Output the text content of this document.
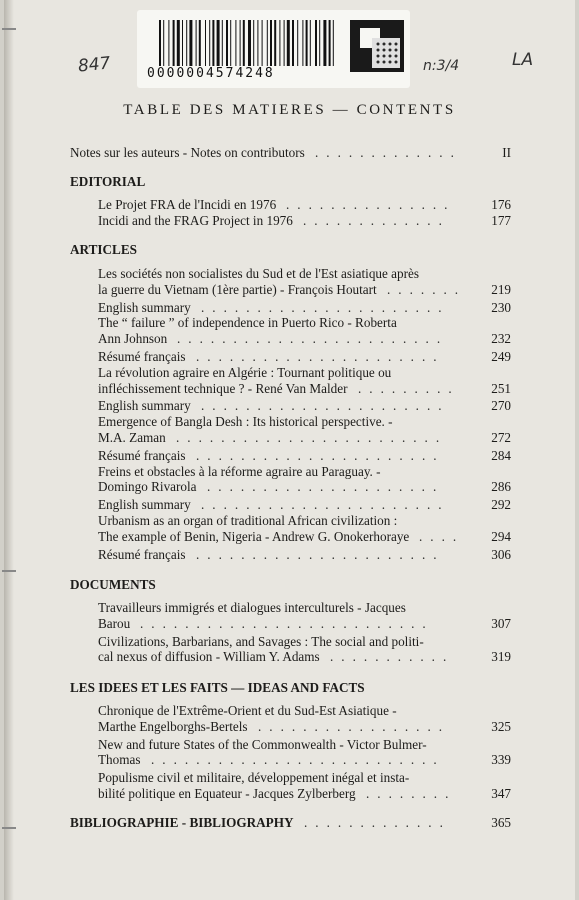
0000004574248
847	n:3/4	LA
TABLE DES MATIERES — CONTENTS
Notes sur les auteurs - Notes on contributors	II
.............
EDITORIAL
Le Projet FRA de l'Incidi en 1976	176
...............
Incidi and the FRAG Project in 1976	177
.............
ARTICLES
Les sociétés non socialistes du Sud et de l'Est asiatique après
la guerre du Vietnam (1ère partie) - François Houtart	219
.......
English summary	230
......................
The “ failure ” of independence in Puerto Rico - Roberta
Ann Johnson	232
........................
Résumé français	249
......................
La révolution agraire en Algérie : Tournant politique ou
infléchissement technique ? - René Van Malder	251
.........
English summary	270
......................
Emergence of Bangla Desh : Its historical perspective. -
M.A. Zaman	272
........................
Résumé français	284
......................
Freins et obstacles à la réforme agraire au Paraguay. -
Domingo Rivarola	286
.....................
English summary	292
......................
Urbanism as an organ of traditional African civilization :
The example of Benin, Nigeria - Andrew G. Onokerhoraye	294
....
Résumé français	306
......................
DOCUMENTS
Travailleurs immigrés et dialogues interculturels - Jacques
Barou	307
..........................
Civilizations, Barbarians, and Savages : The social and politi-
cal nexus of diffusion - William Y. Adams	319
...........
LES IDEES ET LES FAITS — IDEAS AND FACTS
Chronique de l'Extrême-Orient et du Sud-Est Asiatique -
Marthe Engelborghs-Bertels	325
.................
New and future States of the Commonwealth - Victor Bulmer-
Thomas	339
..........................
Populisme civil et militaire, développement inégal et insta-
bilité politique en Equateur - Jacques Zylberberg	347
........
BIBLIOGRAPHIE - BIBLIOGRAPHY	365
.............
